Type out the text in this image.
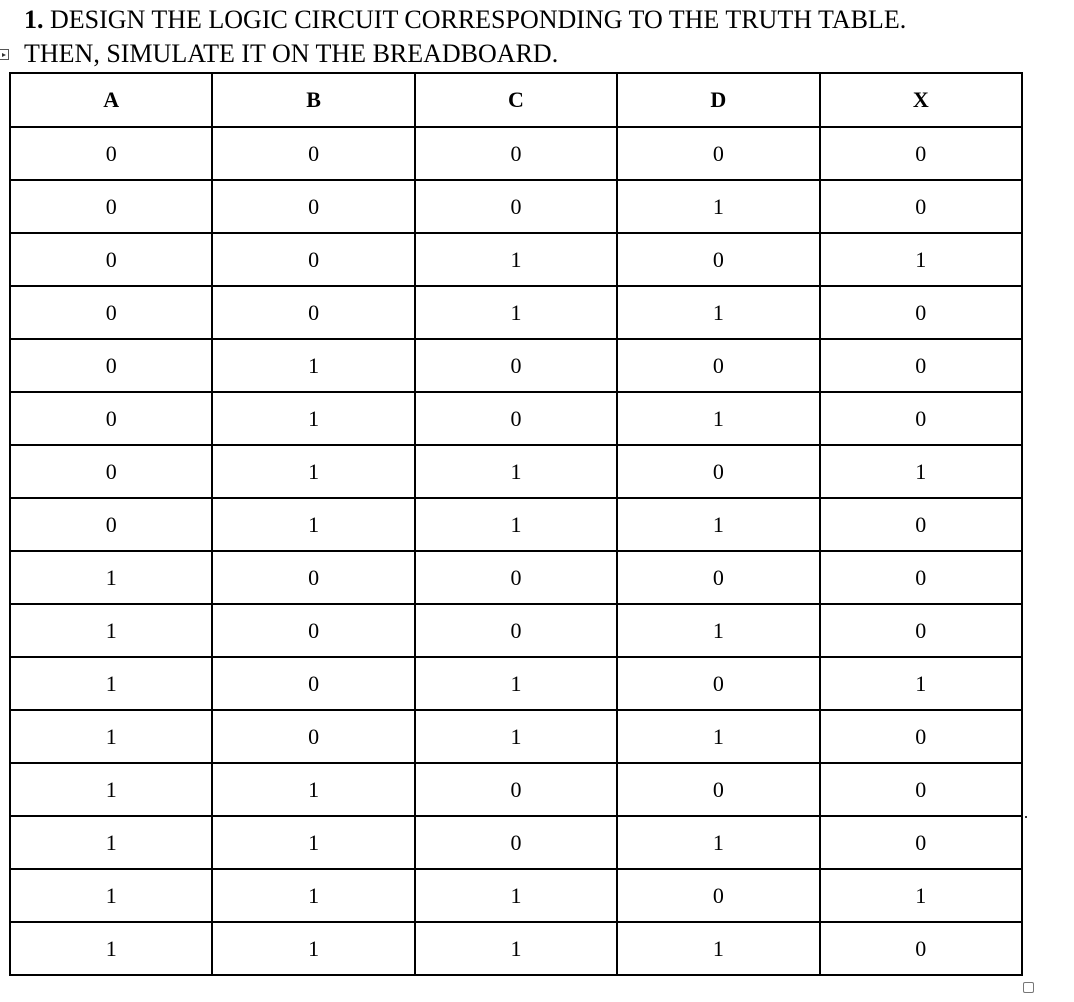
1. DESIGN THE LOGIC CIRCUIT CORRESPONDING TO THE TRUTH TABLE.
THEN, SIMULATE IT ON THE BREADBOARD.
A	B	C	D	X
0	0	0	0	0
0	0	0	1	0
0	0	1	0	1
0	0	1	1	0
0	1	0	0	0
0	1	0	1	0
0	1	1	0	1
0	1	1	1	0
1	0	0	0	0
1	0	0	1	0
1	0	1	0	1
1	0	1	1	0
1	1	0	0	0
1	1	0	1	0
1	1	1	0	1
1	1	1	1	0
